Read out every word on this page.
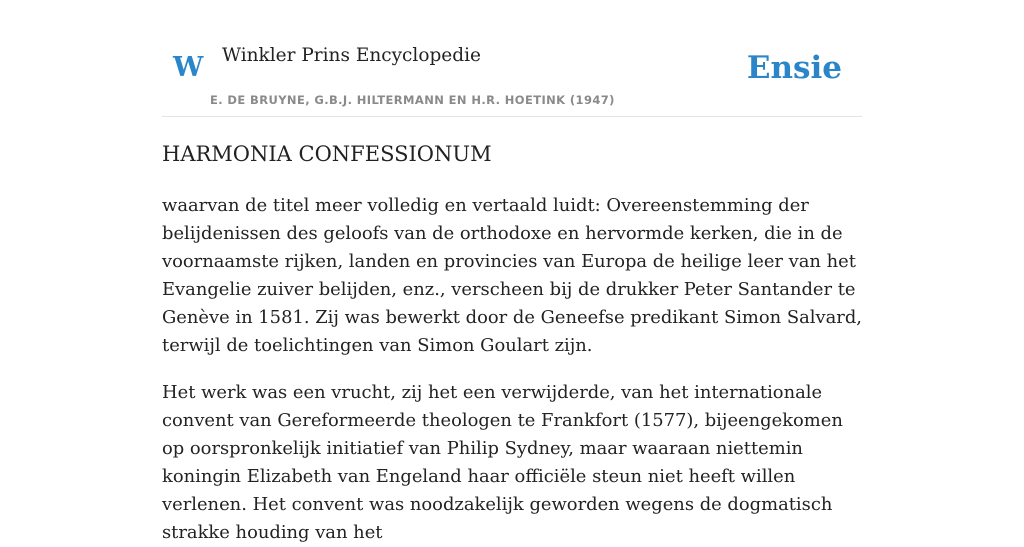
W Winkler Prins Encyclopedie
E. DE BRUYNE, G.B.J. HILTERMANN EN H.R. HOETINK (1947)
Ensie
HARMONIA CONFESSIONUM

waarvan de titel meer volledig en vertaald luidt: Overeenstemming der belijdenissen des geloofs van de orthodoxe en hervormde kerken, die in de voornaamste rijken, landen en provincies van Europa de heilige leer van het Evangelie zuiver belijden, enz., verscheen bij de drukker Peter Santander te Genève in 1581. Zij was bewerkt door de Geneefse predikant Simon Salvard, terwijl de toelichtingen van Simon Goulart zijn.

Het werk was een vrucht, zij het een verwijderde, van het internationale convent van Gereformeerde theologen te Frankfort (1577), bijeengekomen op oorspronkelijk initiatief van Philip Sydney, maar waaraan niettemin koningin Elizabeth van Engeland haar officiële steun niet heeft willen verlenen. Het convent was noodzakelijk geworden wegens de dogmatisch strakke houding van het
